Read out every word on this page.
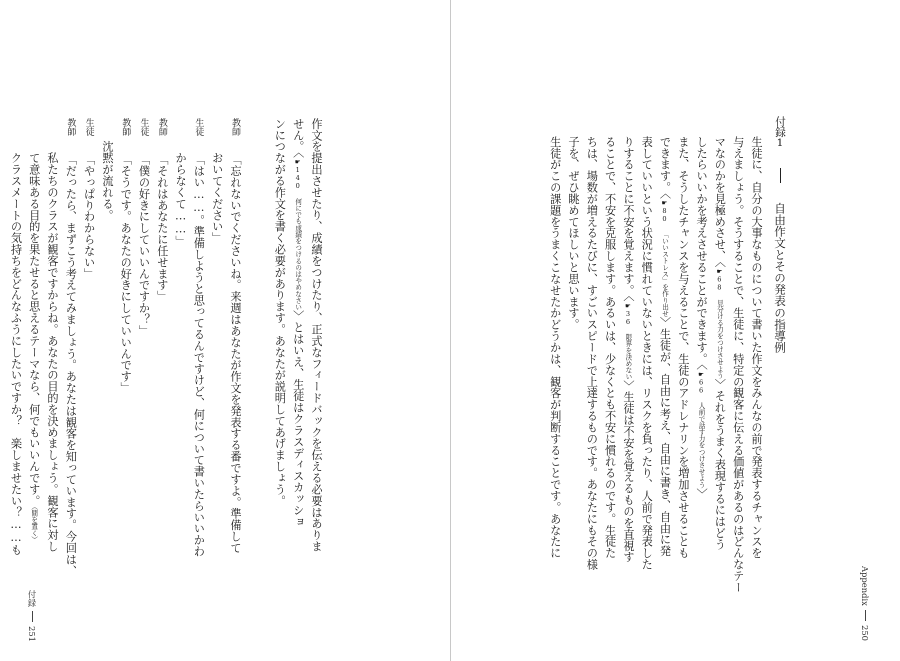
作文を提出させたり、成績をつけたり、正式なフィードバックを伝える必要はありま
せん。〈☛140 何にでも成績をつけるのはやめなさい〉とはいえ、生徒はクラスディスカッショ
ンにつながる作文を書く必要があります。あなたが説明してあげましょう。
教師　　「忘れないでくださいね。来週はあなたが作文を発表する番ですよ。準備して
　　　おいてください」
生徒　　「はい……。準備しようと思ってるんですけど、何について書いたらいいかわ
　　　からなくて……」
教師　　「それはあなたに任せます」
生徒　　「僕の好きにしていいんですか？」
教師　　「そうです。あなたの好きにしていいんです」
　　沈黙が流れる。
生徒　　「やっぱりわからない」
教師　　「だったら、まずこう考えてみましょう。あなたは観客を知っています。今回は、
　　　私たちのクラスが観客ですからね。あなたの目的を決めましょう。観客に対し
　　　て意味ある目的を果たせると思えるテーマなら、何でもいいんです。（間を置く）
　　　クラスメートの気持ちをどんなふうにしたいですか？　楽しませたい？……も
付録
251
付録1  自由作文とその発表の指導例
生徒に、自分の大事なものについて書いた作文をみんなの前で発表するチャンスを
与えましょう。そうすることで、生徒に、特定の観客に伝える価値があるのはどんなテー
マなのかを見極めさせ、〈☛68 見分ける力をつけさせよう〉それをうまく表現するにはどう
したらいいかを考えさせることができます。〈☛66 人前で話す力をつけさせよう〉
また、そうしたチャンスを与えることで、生徒のアドレナリンを増加させることも
できます。〈☛80 「いいストレス」を作り出せ〉生徒が、自由に考え、自由に書き、自由に発
表していいという状況に慣れていないときには、リスクを負ったり、人前で発表した
りすることに不安を覚えます。〈☛36 限界を決めない〉生徒は不安を覚えるものを直視す
ることで、不安を克服します。あるいは、少なくとも不安に慣れるのです。生徒た
ちは、場数が増えるたびに、すごいスピードで上達するものです。あなたにもその様
子を、ぜひ眺めてほしいと思います。
生徒がこの課題をうまくこなせたかどうかは、観客が判断することです。あなたに
Appendix
250
